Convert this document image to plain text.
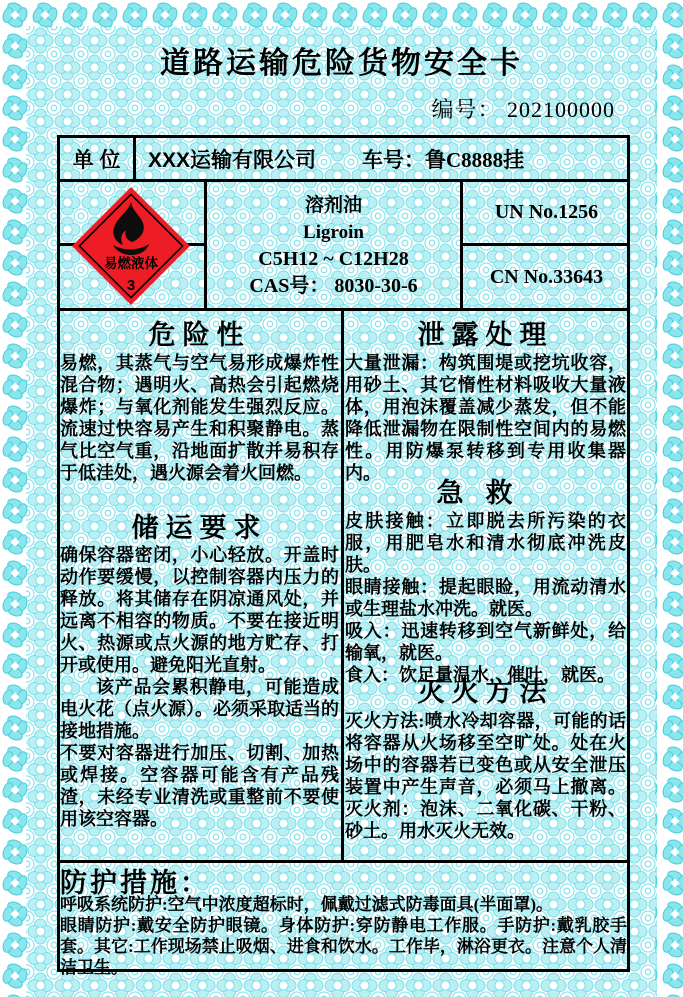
道路运输危险货物安全卡
编号： 202100000
单 位	XXX运输有限公司	车号：鲁C8888挂
易燃液体
3

溶剂油

Ligroin

C5H12 ~ C12H28

CAS号： 8030-30-6

UN No.1256
CN No.33643
危险性

易燃，其蒸气与空气易形成爆炸性混合物；遇明火、高热会引起燃烧爆炸；与氧化剂能发生强烈反应。流速过快容易产生和积聚静电。蒸气比空气重，沿地面扩散并易积存于低洼处，遇火源会着火回燃。

储运要求

确保容器密闭，小心轻放。开盖时动作要缓慢，以控制容器内压力的释放。将其储存在阴凉通风处，并远离不相容的物质。不要在接近明火、热源或点火源的地方贮存、打开或使用。避免阳光直射。

该产品会累积静电，可能造成电火花（点火源）。必须采取适当的接地措施。

不要对容器进行加压、切割、加热或焊接。空容器可能含有产品残渣，未经专业清洗或重整前不要使用该空容器。

泄露处理

大量泄漏：构筑围堤或挖坑收容，用砂土、其它惰性材料吸收大量液体，用泡沫覆盖减少蒸发，但不能降低泄漏物在限制性空间内的易燃性。用防爆泵转移到专用收集器内。

急救

皮肤接触：立即脱去所污染的衣服，用肥皂水和清水彻底冲洗皮肤。

眼睛接触：提起眼睑，用流动清水或生理盐水冲洗。就医。

吸入：迅速转移到空气新鲜处，给输氧，就医。

食入：饮足量温水，催吐，就医。

灭火方法

灭火方法:喷水冷却容器，可能的话将容器从火场移至空旷处。处在火场中的容器若已变色或从安全泄压装置中产生声音，必须马上撤离。灭火剂：泡沫、二氧化碳、干粉、砂土。用水灭火无效。

防护措施：

呼吸系统防护:空气中浓度超标时，佩戴过滤式防毒面具(半面罩)。

眼睛防护:戴安全防护眼镜。身体防护:穿防静电工作服。手防护:戴乳胶手套。其它:工作现场禁止吸烟、进食和饮水。工作毕，淋浴更衣。注意个人清洁卫生。
